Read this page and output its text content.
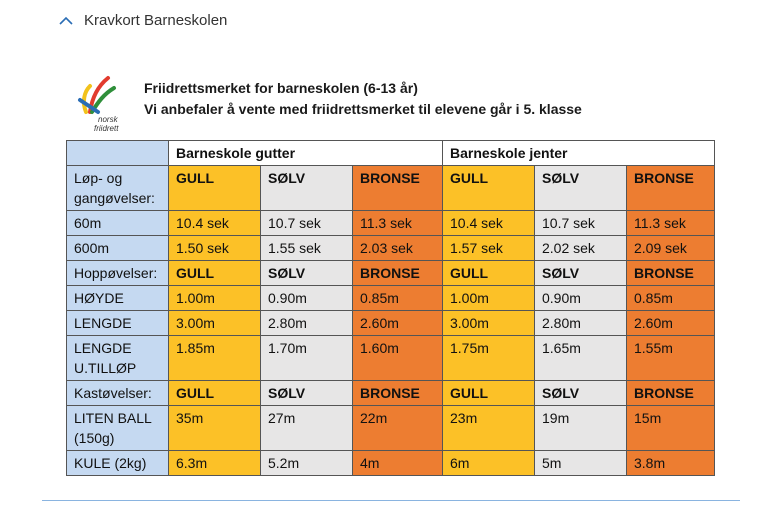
Kravkort Barneskolen
norsk
friidrett
Friidrettsmerket for barneskolen (6-13 år)
Vi anbefaler å vente med friidrettsmerket til elevene går i 5. klasse
	Barneskole gutter			Barneskole jenter		
Løp- og gangøvelser:	GULL	SØLV	BRONSE	GULL	SØLV	BRONSE
60m	10.4 sek	10.7 sek	11.3 sek	10.4 sek	10.7 sek	11.3 sek
600m	1.50 sek	1.55 sek	2.03 sek	1.57 sek	2.02 sek	2.09 sek
Hoppøvelser:	GULL	SØLV	BRONSE	GULL	SØLV	BRONSE
HØYDE	1.00m	0.90m	0.85m	1.00m	0.90m	0.85m
LENGDE	3.00m	2.80m	2.60m	3.00m	2.80m	2.60m
LENGDE U.TILLØP	1.85m	1.70m	1.60m	1.75m	1.65m	1.55m
Kastøvelser:	GULL	SØLV	BRONSE	GULL	SØLV	BRONSE
LITEN BALL (150g)	35m	27m	22m	23m	19m	15m
KULE (2kg)	6.3m	5.2m	4m	6m	5m	3.8m
